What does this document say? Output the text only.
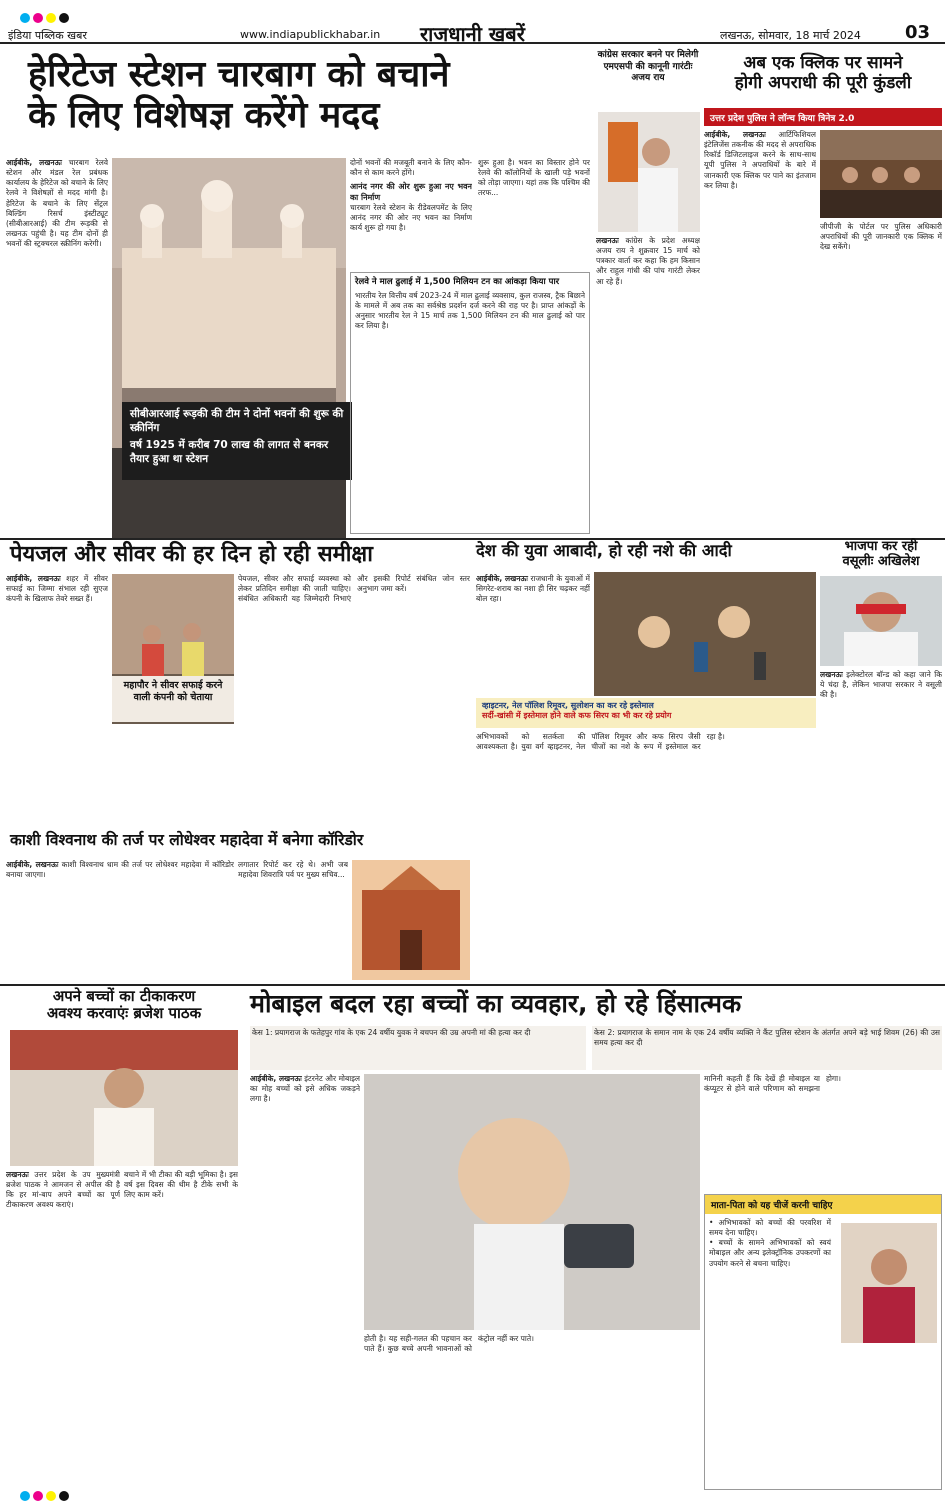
इंडिया पब्लिक खबर	www.indiapublickhabar.in राजधानी खबरें	लखनऊ, सोमवार, 18 मार्च 2024 03
हेरिटेज स्टेशन चारबाग को बचाने
के लिए विशेषज्ञ करेंगे मदद
आईबीके, लखनऊः चारबाग रेलवे स्टेशन और मंडल रेल प्रबंधक कार्यालय के हेरिटेज को बचाने के लिए रेलवे ने विशेषज्ञों से मदद मांगी है। हेरिटेज के बचाने के लिए सेंट्रल बिल्डिंग रिसर्च इंस्टीट्यूट (सीबीआरआई) की टीम रूड़की से लखनऊ पहुंची है। यह टीम दोनों ही भवनों की स्ट्रक्चरल स्क्रीनिंग करेगी।
सीबीआरआई रूड़की की टीम ने दोनों भवनों की शुरू की स्क्रीनिंग
वर्ष 1925 में करीब 70 लाख की लागत से बनकर तैयार हुआ था स्टेशन
दोनों भवनों की मजबूती बनाने के लिए कौन-कौन से काम करने होंगे।
आनंद नगर की ओर शुरू हुआ नए भवन का निर्माण
चारबाग रेलवे स्टेशन के रीडेवलपमेंट के लिए आनंद नगर की ओर नए भवन का निर्माण कार्य शुरू हो गया है।
शुरू हुआ है। भवन का विस्तार होने पर रेलवे की कॉलोनियों के खाली पड़े भवनों को तोड़ा जाएगा। यहां तक कि पश्चिम की तरफ...
रेलवे ने माल ढुलाई में 1,500 मिलियन टन का आंकड़ा किया पार
भारतीय रेल वित्तीय वर्ष 2023-24 में माल ढुलाई व्यवसाय, कुल राजस्व, ट्रैक बिछाने के मामले में अब तक का सर्वश्रेष्ठ प्रदर्शन दर्ज करने की राह पर है। प्राप्त आंकड़ों के अनुसार भारतीय रेल ने 15 मार्च तक 1,500 मिलियन टन की माल ढुलाई को पार कर लिया है।
कांग्रेस सरकार बनने पर मिलेगी एमएसपी की कानूनी गारंटीः अजय राय
लखनऊः कांग्रेस के प्रदेश अध्यक्ष अजय राय ने शुक्रवार 15 मार्च को पत्रकार वार्ता कर कहा कि हम किसान और राहुल गांधी की पांच गारंटी लेकर आ रहे हैं।
अब एक क्लिक पर सामने
होगी अपराधी की पूरी कुंडली
उत्तर प्रदेश पुलिस ने लॉन्च किया त्रिनेत्र 2.0
आईबीके, लखनऊः आर्टिफिशियल इंटेलिजेंस तकनीक की मदद से अपराधिक रिकॉर्ड डिजिटलाइज करने के साथ-साथ यूपी पुलिस ने अपराधियों के बारे में जानकारी एक क्लिक पर पाने का इंतजाम कर लिया है।
जीपीजी के पोर्टल पर पुलिस अधिकारी अपराधियों की पूरी जानकारी एक क्लिक में देख सकेंगे।
पेयजल और सीवर की हर दिन हो रही समीक्षा
आईबीके, लखनऊः शहर में सीवर सफाई का जिम्मा संभाल रही सुएज कंपनी के खिलाफ तेवरे सख्त हैं।
महापौर ने सीवर सफाई करने वाली कंपनी को चेताया
पेयजल, सीवर और सफाई व्यवस्था को लेकर प्रतिदिन समीक्षा की जाती चाहिए। संबंधित अधिकारी यह जिम्मेदारी निभाएं और इसकी रिपोर्ट संबंधित जोन स्तर अनुभाग जमा करें।
देश की युवा आबादी, हो रही नशे की आदी
आईबीके, लखनऊः राजधानी के युवाओं में सिगरेट-शराब का नशा ही सिर चढ़कर नहीं बोल रहा।
व्हाइटनर, नेल पॉलिश रिमूवर, सुलोशन का कर रहे इस्तेमाल
सर्दी-खांसी में इस्तेमाल होने वाले कफ सिरप का भी कर रहे प्रयोग
अभिभावकों को सतर्कता की आवश्यकता है। युवा वर्ग व्हाइटनर, नेल पॉलिश रिमूवर और कफ सिरप जैसी चीजों का नशे के रूप में इस्तेमाल कर रहा है।
भाजपा कर रही
वसूलीः अखिलेश
लखनऊः इलेक्टोरल बॉन्ड को कहा जाने कि ये चंदा है, लेकिन भाजपा सरकार ने वसूली की है।
काशी विश्वनाथ की तर्ज पर लोधेश्वर महादेवा में बनेगा कॉरिडोर
आईबीके, लखनऊः काशी विश्वनाथ धाम की तर्ज पर लोधेश्वर महादेवा में कॉरिडोर बनाया जाएगा।
लगातार रिपोर्ट कर रहे थे। अभी जब महादेवा शिवरात्रि पर्व पर मुख्य सचिव...
अपने बच्चों का टीकाकरण
अवश्य करवाएंः ब्रजेश पाठक
लखनऊः उत्तर प्रदेश के उप मुख्यमंत्री ब्रजेश पाठक ने आमजन से अपील की है कि हर मां-बाप अपने बच्चों का पूर्ण टीकाकरण अवश्य कराएं।
बचाने में भी टीका की बड़ी भूमिका है। इस वर्ष इस दिवस की थीम है टीके सभी के लिए काम करें।
मोबाइल बदल रहा बच्चों का व्यवहार, हो रहे हिंसात्मक
केस 1: प्रयागराज के फतेहपुर गांव के एक 24 वर्षीय युवक ने बचपन की उम्र अपनी मां की हत्या कर दी	केस 2: प्रयागराज के समान नाम के एक 24 वर्षीय व्यक्ति ने कैंट पुलिस स्टेशन के अंतर्गत अपने बड़े भाई शिवम (26) की उस समय हत्या कर दी
आईबीके, लखनऊः इंटरनेट और मोबाइल का मोह बच्चों को इसे अधिक जकड़ने लगा है।
होती है। यह सही-गलत की पहचान कर पाते हैं। कुछ बच्चे अपनी भावनाओं को कंट्रोल नहीं कर पाते।
मानिनी कहती हैं कि देखें ही मोबाइल या कंप्यूटर से होने वाले परिणाम को समझना होगा।
माता-पिता को यह चीजें करनी चाहिए
• अभिभावकों को बच्चों की परवरिश में समय देना चाहिए।
• बच्चों के सामने अभिभावकों को स्वयं मोबाइल और अन्य इलेक्ट्रॉनिक उपकरणों का उपयोग करने से बचना चाहिए।
